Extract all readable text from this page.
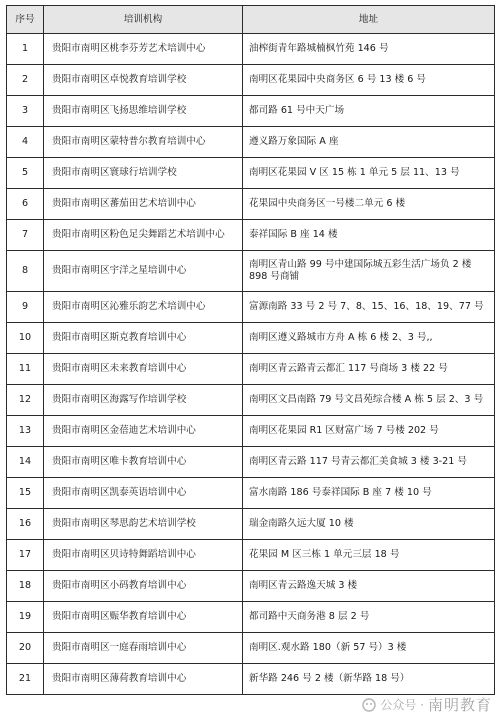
序号	培训机构	地址
1	贵阳市南明区桃李芬芳艺术培训中心	油榨街青年路城楠枫竹苑 146 号
2	贵阳市南明区卓悦教育培训学校	南明区花果园中央商务区 6 号 13 楼 6 号
3	贵阳市南明区飞扬思维培训学校	都司路 61 号中天广场
4	贵阳市南明区蒙特普尔教育培训中心	遵义路万象国际 A 座
5	贵阳市南明区寰球行培训学校	南明区花果园 V 区 15 栋 1 单元 5 层 11、13 号
6	贵阳市南明区蕃茄田艺术培训中心	花果园中央商务区一号楼二单元 6 楼
7	贵阳市南明区粉色足尖舞蹈艺术培训中心	泰祥国际 B 座 14 楼
8	贵阳市南明区宇洋之星培训中心	南明区青山路 99 号中建国际城五彩生活广场负 2 楼 898 号商铺
9	贵阳市南明区沁雅乐韵艺术培训中心	富源南路 33 号 2 号 7、8、15、16、18、19、77 号
10	贵阳市南明区斯克教育培训中心	南明区遵义路城市方舟 A 栋 6 楼 2、3 号,,
11	贵阳市南明区未来教育培训中心	南明区青云路青云都汇 117 号商场 3 楼 22 号
12	贵阳市南明区海露写作培训学校	南明区文昌南路 79 号文昌苑综合楼 A 栋 5 层 2、3 号
13	贵阳市南明区金蓓迪艺术培训中心	南明区花果园 R1 区财富广场 7 号楼 202 号
14	贵阳市南明区唯卡教育培训中心	南明区青云路 117 号青云都汇美食城 3 楼 3-21 号
15	贵阳市南明区凯泰英语培训中心	富水南路 186 号泰祥国际 B 座 7 楼 10 号
16	贵阳市南明区琴思韵艺术培训学校	瑞金南路久远大厦 10 楼
17	贵阳市南明区贝诗特舞蹈培训中心	花果园 M 区三栋 1 单元三层 18 号
18	贵阳市南明区小码教育培训中心	南明区青云路逸天城 3 楼
19	贵阳市南明区赈华教育培训中心	都司路中天商务港 8 层 2 号
20	贵阳市南明区一庭春雨培训中心	南明区.观水路 180（新 57 号）3 楼
21	贵阳市南明区薄荷教育培训中心	新华路 246 号 2 楼（新华路 18 号）
公众号 · 南明教育
